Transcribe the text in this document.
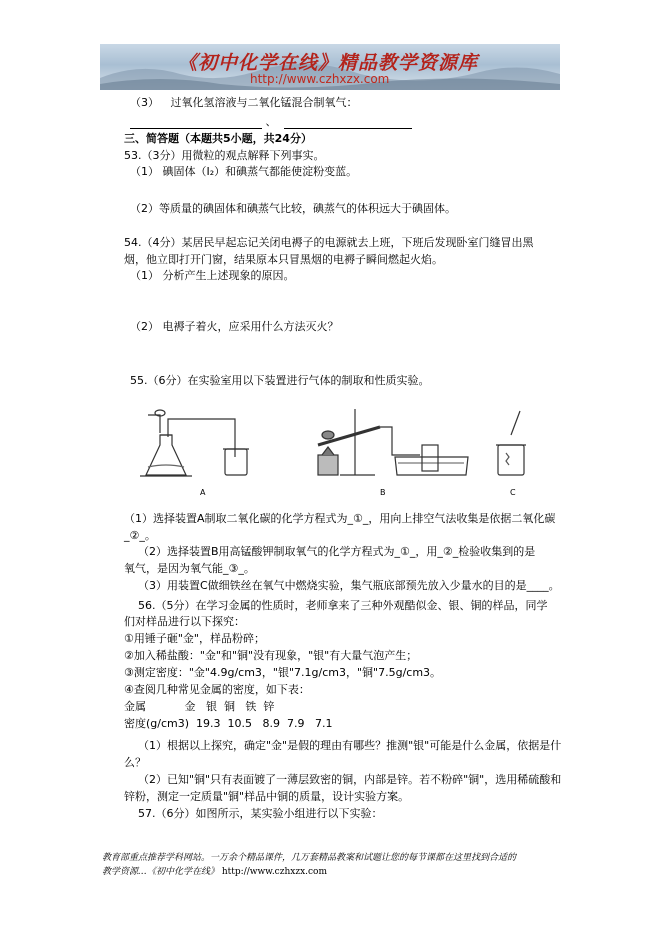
《初中化学在线》精品教学资源库
http://www.czhxzx.com
（3） 过氧化氢溶液与二氧化锰混合制氧气：
、
三、简答题（本题共5小题，共24分）
53.（3分）用微粒的观点解释下列事实。
（1） 碘固体（I₂）和碘蒸气都能使淀粉变蓝。
（2）等质量的碘固体和碘蒸气比较，碘蒸气的体积远大于碘固体。
54.（4分）某居民早起忘记关闭电褥子的电源就去上班，下班后发现卧室门缝冒出黑
烟，他立即打开门窗，结果原本只冒黑烟的电褥子瞬间燃起火焰。
（1） 分析产生上述现象的原因。
（2） 电褥子着火，应采用什么方法灭火？
55.（6分）在实验室用以下装置进行气体的制取和性质实验。
A	B	C
（1）选择装置A制取二氧化碳的化学方程式为_①_，用向上排空气法收集是依据二氧化碳
_②_。
（2）选择装置B用高锰酸钾制取氧气的化学方程式为_①_，用_②_检验收集到的是
氧气，是因为氧气能_③_。
（3）用装置C做细铁丝在氧气中燃烧实验，集气瓶底部预先放入少量水的目的是____。
56.（5分）在学习金属的性质时，老师拿来了三种外观酷似金、银、铜的样品，同学
们对样品进行以下探究：
①用锤子砸"金"，样品粉碎；
②加入稀盐酸："金"和"铜"没有现象，"银"有大量气泡产生；
③测定密度："金"4.9g/cm3，"银"7.1g/cm3，"铜"7.5g/cm3。
④查阅几种常见金属的密度，如下表：
金属           金   银  铜   铁  锌
密度(g/cm3)  19.3  10.5   8.9  7.9   7.1
（1）根据以上探究，确定"金"是假的理由有哪些？推测"银"可能是什么金属，依据是什
么？
（2）已知"铜"只有表面镀了一薄层致密的铜，内部是锌。若不粉碎"铜"，选用稀硫酸和
锌粉，测定一定质量"铜"样品中铜的质量，设计实验方案。
57.（6分）如图所示，某实验小组进行以下实验：
教育部重点推荐学科网站。一万余个精品课件，几万套精品教案和试题让您的每节课都在这里找到合适的
教学资源…《初中化学在线》 http://www.czhxzx.com
